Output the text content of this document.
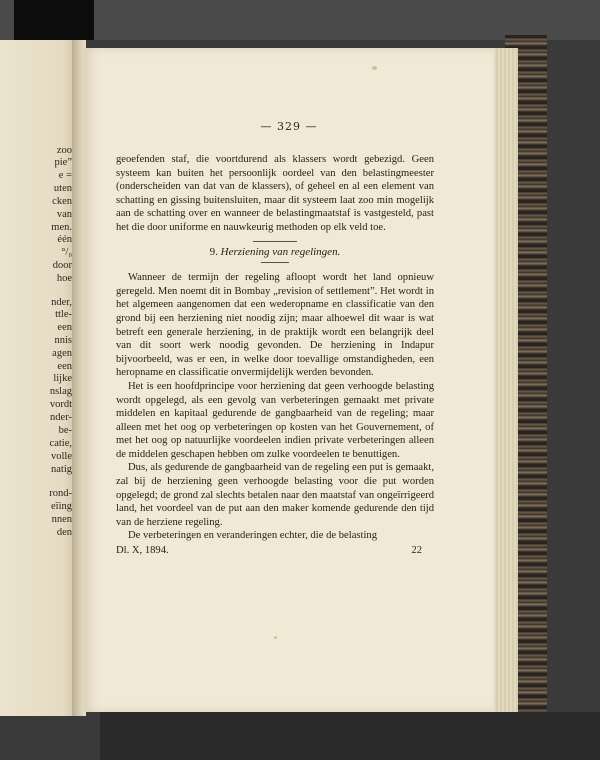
zoo
pie”
e =
uten
cken
van
men.
één
°/₀
door
hoe
nder,
ttle-
een
nnis
agen
een
lijke
nslag
vordt
nder-
be-
catie,
volle
natig
rond-
eïing
nnen
den
— 329 —

geoefenden staf, die voortdurend als klassers wordt gebezigd. Geen systeem kan buiten het persoonlijk oordeel van den belastingmeester (onderscheiden van dat van de klassers), of geheel en al een element van schatting en gissing buitensluiten, maar dit systeem laat zoo min mogelijk aan de schatting over en wanneer de belastingmaatstaf is vastgesteld, past het die door uniforme en nauwkeurig methoden op elk veld toe.

9. Herziening van regelingen.

Wanneer de termijn der regeling afloopt wordt het land opnieuw geregeld. Men noemt dit in Bombay „revision of settlement”. Het wordt in het algemeen aangenomen dat een wederopname en classificatie van den grond bij een herziening niet noodig zijn; maar alhoewel dit waar is wat betreft een generale herziening, in de praktijk wordt een belangrijk deel van dit soort werk noodig gevonden. De herziening in Indapur bijvoorbeeld, was er een, in welke door toevallige omstandigheden, een heropname en classificatie onvermijdelijk werden bevonden.

Het is een hoofdprincipe voor herziening dat geen verhoogde belasting wordt opgelegd, als een gevolg van verbeteringen gemaakt met private middelen en kapitaal gedurende de gangbaarheid van de regeling; maar alleen met het oog op verbeteringen op kosten van het Gouvernement, of met het oog op natuurlijke voordeelen indien private verbeteringen alleen de middelen geschapen hebben om zulke voordeelen te benuttigen.

Dus, als gedurende de gangbaarheid van de regeling een put is gemaakt, zal bij de herziening geen verhoogde belasting voor die put worden opgelegd; de grond zal slechts betalen naar den maatstaf van ongeïrrigeerd land, het voordeel van de put aan den maker komende gedurende den tijd van de herziene regeling.

De verbeteringen en veranderingen echter, die de belasting

Dl. X, 1894.	22
